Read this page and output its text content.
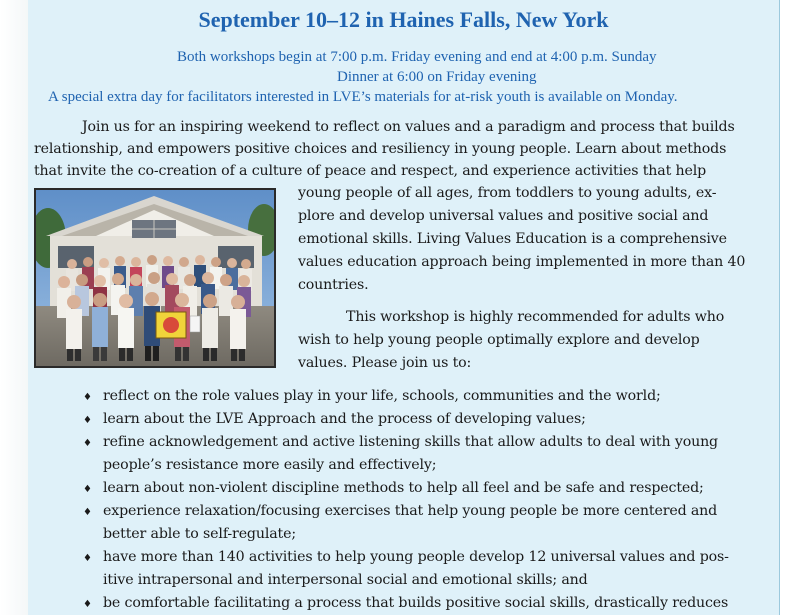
September 10–12 in Haines Falls, New York
Both workshops begin at 7:00 p.m. Friday evening and end at 4:00 p.m. Sunday
Dinner at 6:00 on Friday evening
A special extra day for facilitators interested in LVE’s materials for at-risk youth is available on Monday.
Join us for an inspiring weekend to reflect on values and a paradigm and process that builds
relationship, and empowers positive choices and resiliency in young people. Learn about methods
that invite the co-creation of a culture of peace and respect, and experience activities that help
young people of all ages, from toddlers to young adults, ex-
plore and develop universal values and positive social and
emotional skills. Living Values Education is a comprehensive
values education approach being implemented in more than 40
countries.
This workshop is highly recommended for adults who
wish to help young people optimally explore and develop
values. Please join us to:
♦ reflect on the role values play in your life, schools, communities and the world;
♦ learn about the LVE Approach and the process of developing values;
♦ refine acknowledgement and active listening skills that allow adults to deal with young
people’s resistance more easily and effectively;
♦ learn about non-violent discipline methods to help all feel and be safe and respected;
♦ experience relaxation/focusing exercises that help young people be more centered and
better able to self-regulate;
♦ have more than 140 activities to help young people develop 12 universal values and pos-
itive intrapersonal and interpersonal social and emotional skills; and
♦ be comfortable facilitating a process that builds positive social skills, drastically reduces
